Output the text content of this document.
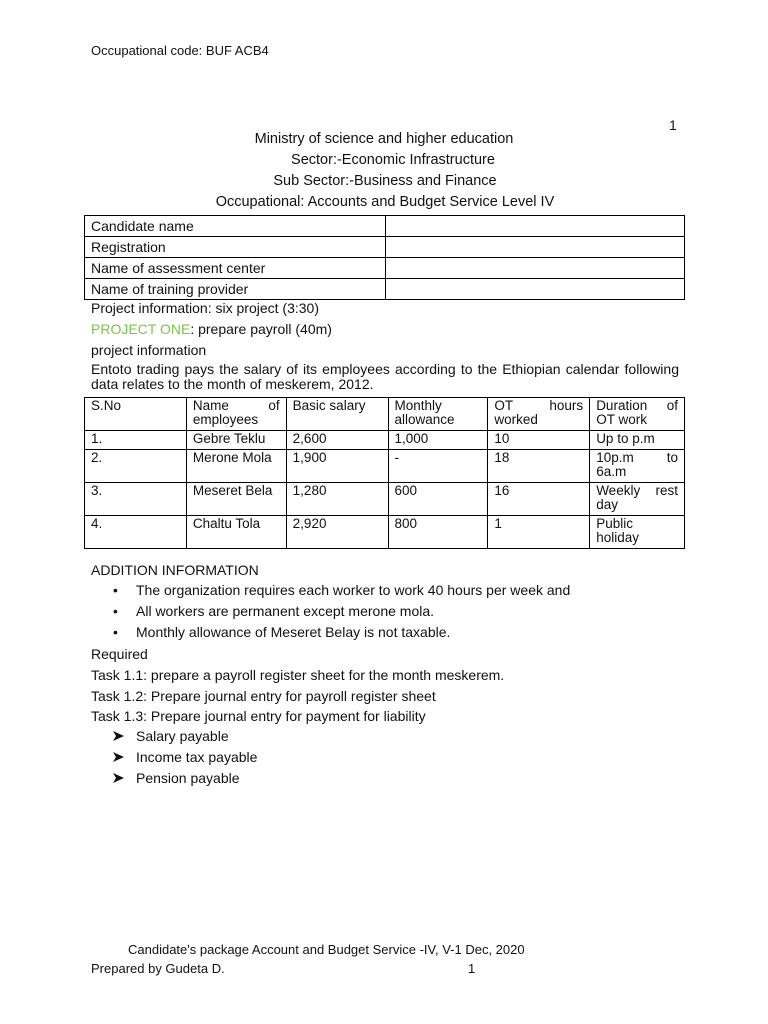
Occupational code: BUF ACB4
1
Ministry of science and higher education
Sector:-Economic Infrastructure
Sub Sector:-Business and Finance
Occupational: Accounts and Budget Service Level IV
Candidate name	
Registration	
Name of assessment center	
Name of training provider	
Project information: six project (3:30)
PROJECT ONE: prepare payroll (40m)
project information
Entoto trading pays the salary of its employees according to the Ethiopian calendar following data relates to the month of meskerem, 2012.
S.No	Name of employees	Basic salary	Monthly allowance	OT hours worked	Duration of OT work
1.	Gebre Teklu	2,600	1,000	10	Up to p.m
2.	Merone Mola	1,900	-	18	10p.m to 6a.m
3.	Meseret Bela	1,280	600	16	Weekly rest day
4.	Chaltu Tola	2,920	800	1	Public holiday
ADDITION INFORMATION
• The organization requires each worker to work 40 hours per week and
• All workers are permanent except merone mola.
• Monthly allowance of Meseret Belay is not taxable.
Required
Task 1.1: prepare a payroll register sheet for the month meskerem.
Task 1.2: Prepare journal entry for payroll register sheet
Task 1.3: Prepare journal entry for payment for liability
Salary payable
Income tax payable
Pension payable
Candidate's package Account and Budget Service -IV, V-1 Dec, 2020
Prepared by Gudeta D.	1
